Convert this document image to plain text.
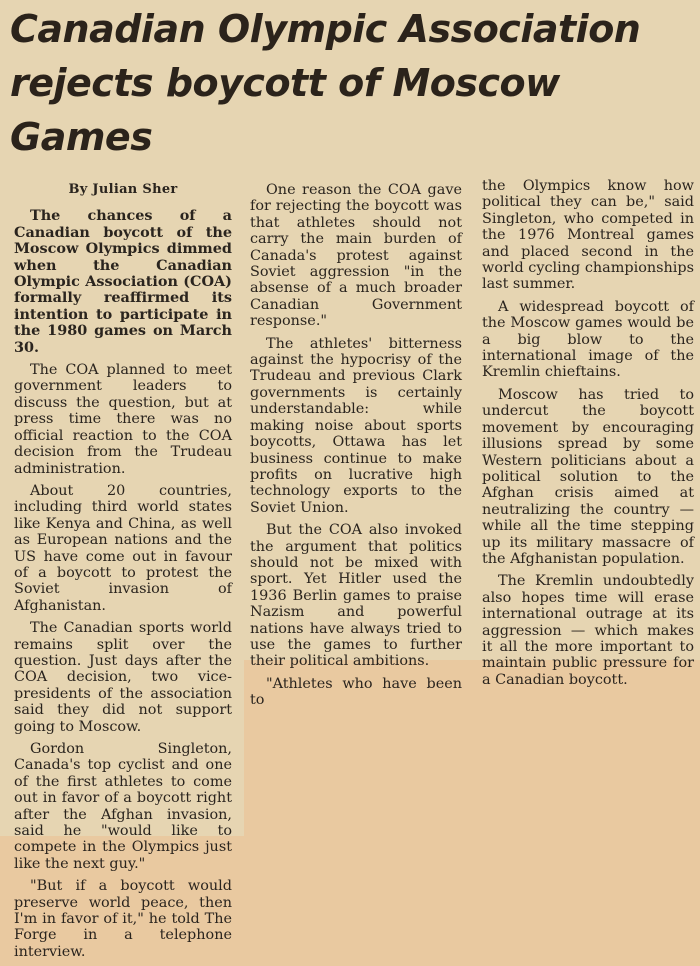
Canadian Olympic Association rejects boycott of Moscow Games
By Julian Sher

The chances of a Canadian boycott of the Moscow Olympics dimmed when the Canadian Olympic Association (COA) formally reaffirmed its intention to participate in the 1980 games on March 30.

The COA planned to meet government leaders to discuss the question, but at press time there was no official reaction to the COA decision from the Trudeau administration.

About 20 countries, including third world states like Kenya and China, as well as European nations and the US have come out in favour of a boycott to protest the Soviet invasion of Afghanistan.

The Canadian sports world remains split over the question. Just days after the COA decision, two vice-presidents of the association said they did not support going to Moscow.

Gordon Singleton, Canada's top cyclist and one of the first athletes to come out in favor of a boycott right after the Afghan invasion, said he "would like to compete in the Olympics just like the next guy."

"But if a boycott would preserve world peace, then I'm in favor of it," he told The Forge in a telephone interview.

One reason the COA gave for rejecting the boycott was that athletes should not carry the main burden of Canada's protest against Soviet aggression "in the absense of a much broader Canadian Government response."

The athletes' bitterness against the hypocrisy of the Trudeau and previous Clark governments is certainly understandable: while making noise about sports boycotts, Ottawa has let business continue to make profits on lucrative high technology exports to the Soviet Union.

But the COA also invoked the argument that politics should not be mixed with sport. Yet Hitler used the 1936 Berlin games to praise Nazism and powerful nations have always tried to use the games to further their political ambitions.

"Athletes who have been to

the Olympics know how political they can be," said Singleton, who competed in the 1976 Montreal games and placed second in the world cycling championships last summer.

A widespread boycott of the Moscow games would be a big blow to the international image of the Kremlin chieftains.

Moscow has tried to undercut the boycott movement by encouraging illusions spread by some Western politicians about a political solution to the Afghan crisis aimed at neutralizing the country — while all the time stepping up its military massacre of the Afghanistan population.

The Kremlin undoubtedly also hopes time will erase international outrage at its aggression — which makes it all the more important to maintain public pressure for a Canadian boycott.
